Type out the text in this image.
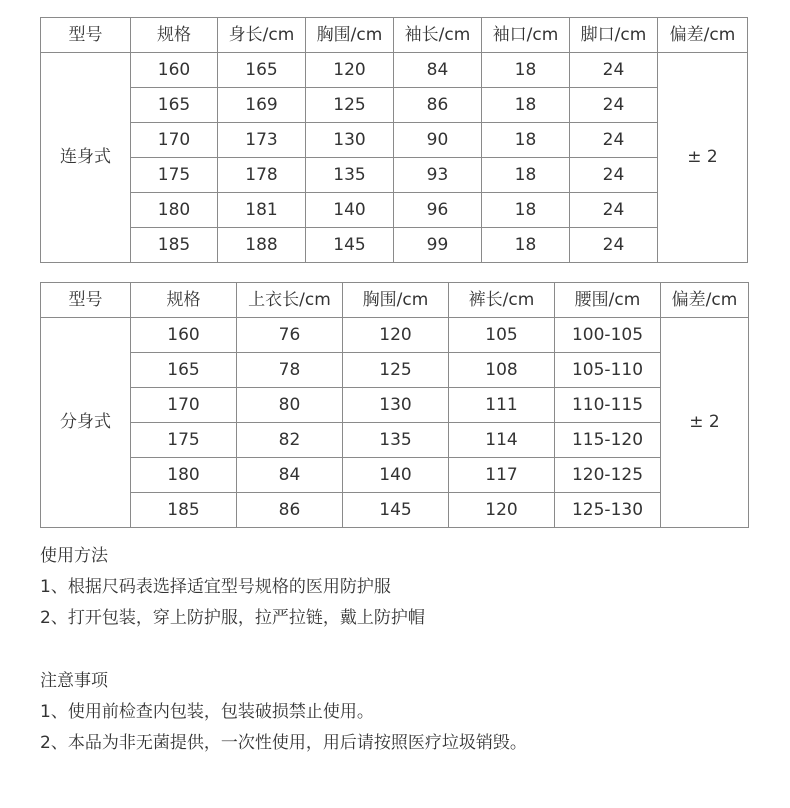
型号	规格	身长/cm	胸围/cm	袖长/cm	袖口/cm	脚口/cm	偏差/cm
连身式	160	165	120	84	18	24	± 2
	165	169	125	86	18	24	
	170	173	130	90	18	24	
	175	178	135	93	18	24	
	180	181	140	96	18	24	
	185	188	145	99	18	24	
型号	规格	上衣长/cm	胸围/cm	裤长/cm	腰围/cm	偏差/cm
分身式	160	76	120	105	100-105	± 2
	165	78	125	108	105-110	
	170	80	130	111	110-115	
	175	82	135	114	115-120	
	180	84	140	117	120-125	
	185	86	145	120	125-130	
使用方法
1、根据尺码表选择适宜型号规格的医用防护服
2、打开包装，穿上防护服，拉严拉链，戴上防护帽
注意事项
1、使用前检查内包装，包装破损禁止使用。
2、本品为非无菌提供，一次性使用，用后请按照医疗垃圾销毁。
